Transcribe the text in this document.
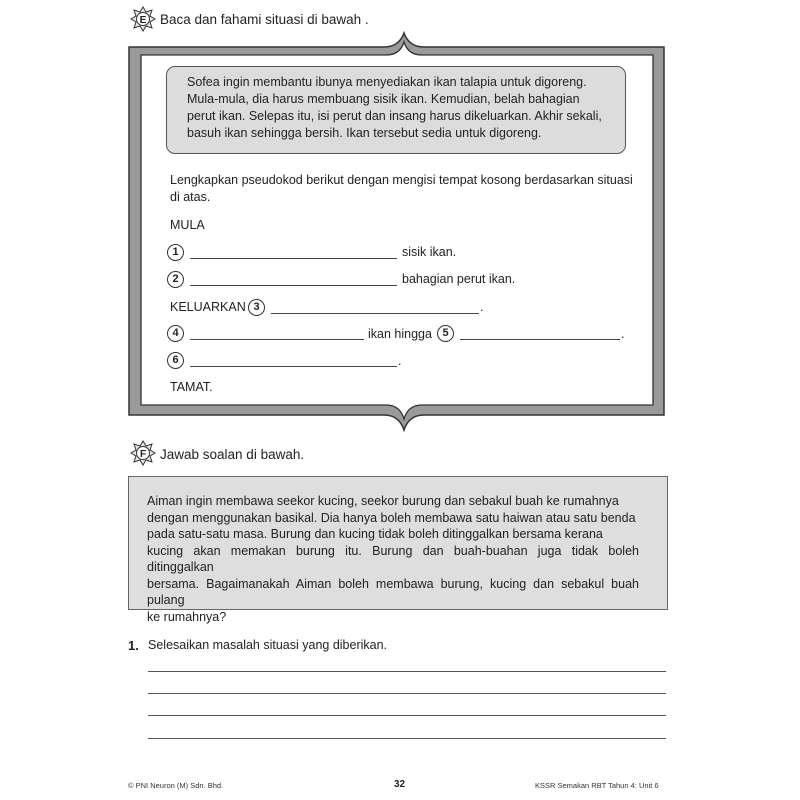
E Baca dan fahami situasi di bawah .

Sofea ingin membantu ibunya menyediakan ikan talapia untuk digoreng.

Mula-mula, dia harus membuang sisik ikan. Kemudian, belah bahagian

perut ikan. Selepas itu, isi perut dan insang harus dikeluarkan. Akhir sekali,

basuh ikan sehingga bersih. Ikan tersebut sedia untuk digoreng.

Lengkapkan pseudokod berikut dengan mengisi tempat kosong berdasarkan situasi
di atas.
MULA
1	sisik ikan.
2	bahagian perut ikan.
KELUARKAN 3	.
4	ikan hingga 5	.
6	.
TAMAT.
F Jawab soalan di bawah.

Aiman ingin membawa seekor kucing, seekor burung dan sebakul buah ke rumahnya

dengan menggunakan basikal. Dia hanya boleh membawa satu haiwan atau satu benda

pada satu-satu masa. Burung dan kucing tidak boleh ditinggalkan bersama kerana

kucing akan memakan burung itu. Burung dan buah-buahan juga tidak boleh ditinggalkan

bersama. Bagaimanakah Aiman boleh membawa burung, kucing dan sebakul buah pulang

ke rumahnya?

1. Selesaikan masalah situasi yang diberikan.
© PNI Neuron (M) Sdn. Bhd.	32	KSSR Semakan RBT Tahun 4: Unit 6
